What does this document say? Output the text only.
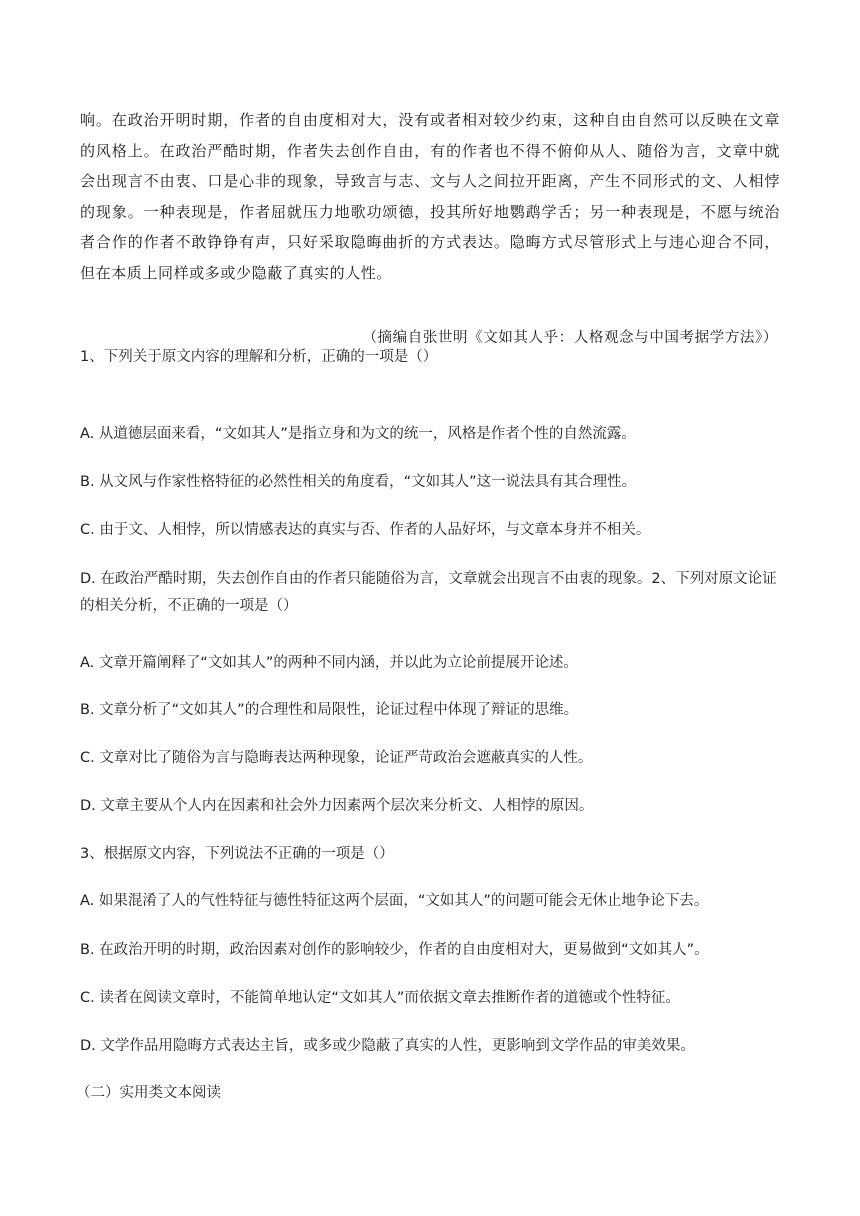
响。在政治开明时期，作者的自由度相对大，没有或者相对较少约束，这种自由自然可以反映在文章的风格上。在政治严酷时期，作者失去创作自由，有的作者也不得不俯仰从人、随俗为言，文章中就会出现言不由衷、口是心非的现象，导致言与志、文与人之间拉开距离，产生不同形式的文、人相悖的现象。一种表现是，作者屈就压力地歌功颂德，投其所好地鹦鹉学舌；另一种表现是，不愿与统治者合作的作者不敢铮铮有声，只好采取隐晦曲折的方式表达。隐晦方式尽管形式上与违心迎合不同，但在本质上同样或多或少隐蔽了真实的人性。

（摘编自张世明《文如其人乎：人格观念与中国考据学方法》）

1、下列关于原文内容的理解和分析，正确的一项是（）

A. 从道德层面来看，“文如其人”是指立身和为文的统一，风格是作者个性的自然流露。

B. 从文风与作家性格特征的必然性相关的角度看，“文如其人”这一说法具有其合理性。

C. 由于文、人相悖，所以情感表达的真实与否、作者的人品好坏，与文章本身并不相关。

D. 在政治严酷时期，失去创作自由的作者只能随俗为言，文章就会出现言不由衷的现象。2、下列对原文论证的相关分析，不正确的一项是（）

A. 文章开篇阐释了“文如其人”的两种不同内涵，并以此为立论前提展开论述。

B. 文章分析了“文如其人”的合理性和局限性，论证过程中体现了辩证的思维。

C. 文章对比了随俗为言与隐晦表达两种现象，论证严苛政治会遮蔽真实的人性。

D. 文章主要从个人内在因素和社会外力因素两个层次来分析文、人相悖的原因。

3、根据原文内容，下列说法不正确的一项是（）

A. 如果混淆了人的气性特征与德性特征这两个层面，“文如其人”的问题可能会无休止地争论下去。

B. 在政治开明的时期，政治因素对创作的影响较少，作者的自由度相对大，更易做到“文如其人”。

C. 读者在阅读文章时，不能简单地认定“文如其人”而依据文章去推断作者的道德或个性特征。

D. 文学作品用隐晦方式表达主旨，或多或少隐蔽了真实的人性，更影响到文学作品的审美效果。

（二）实用类文本阅读
